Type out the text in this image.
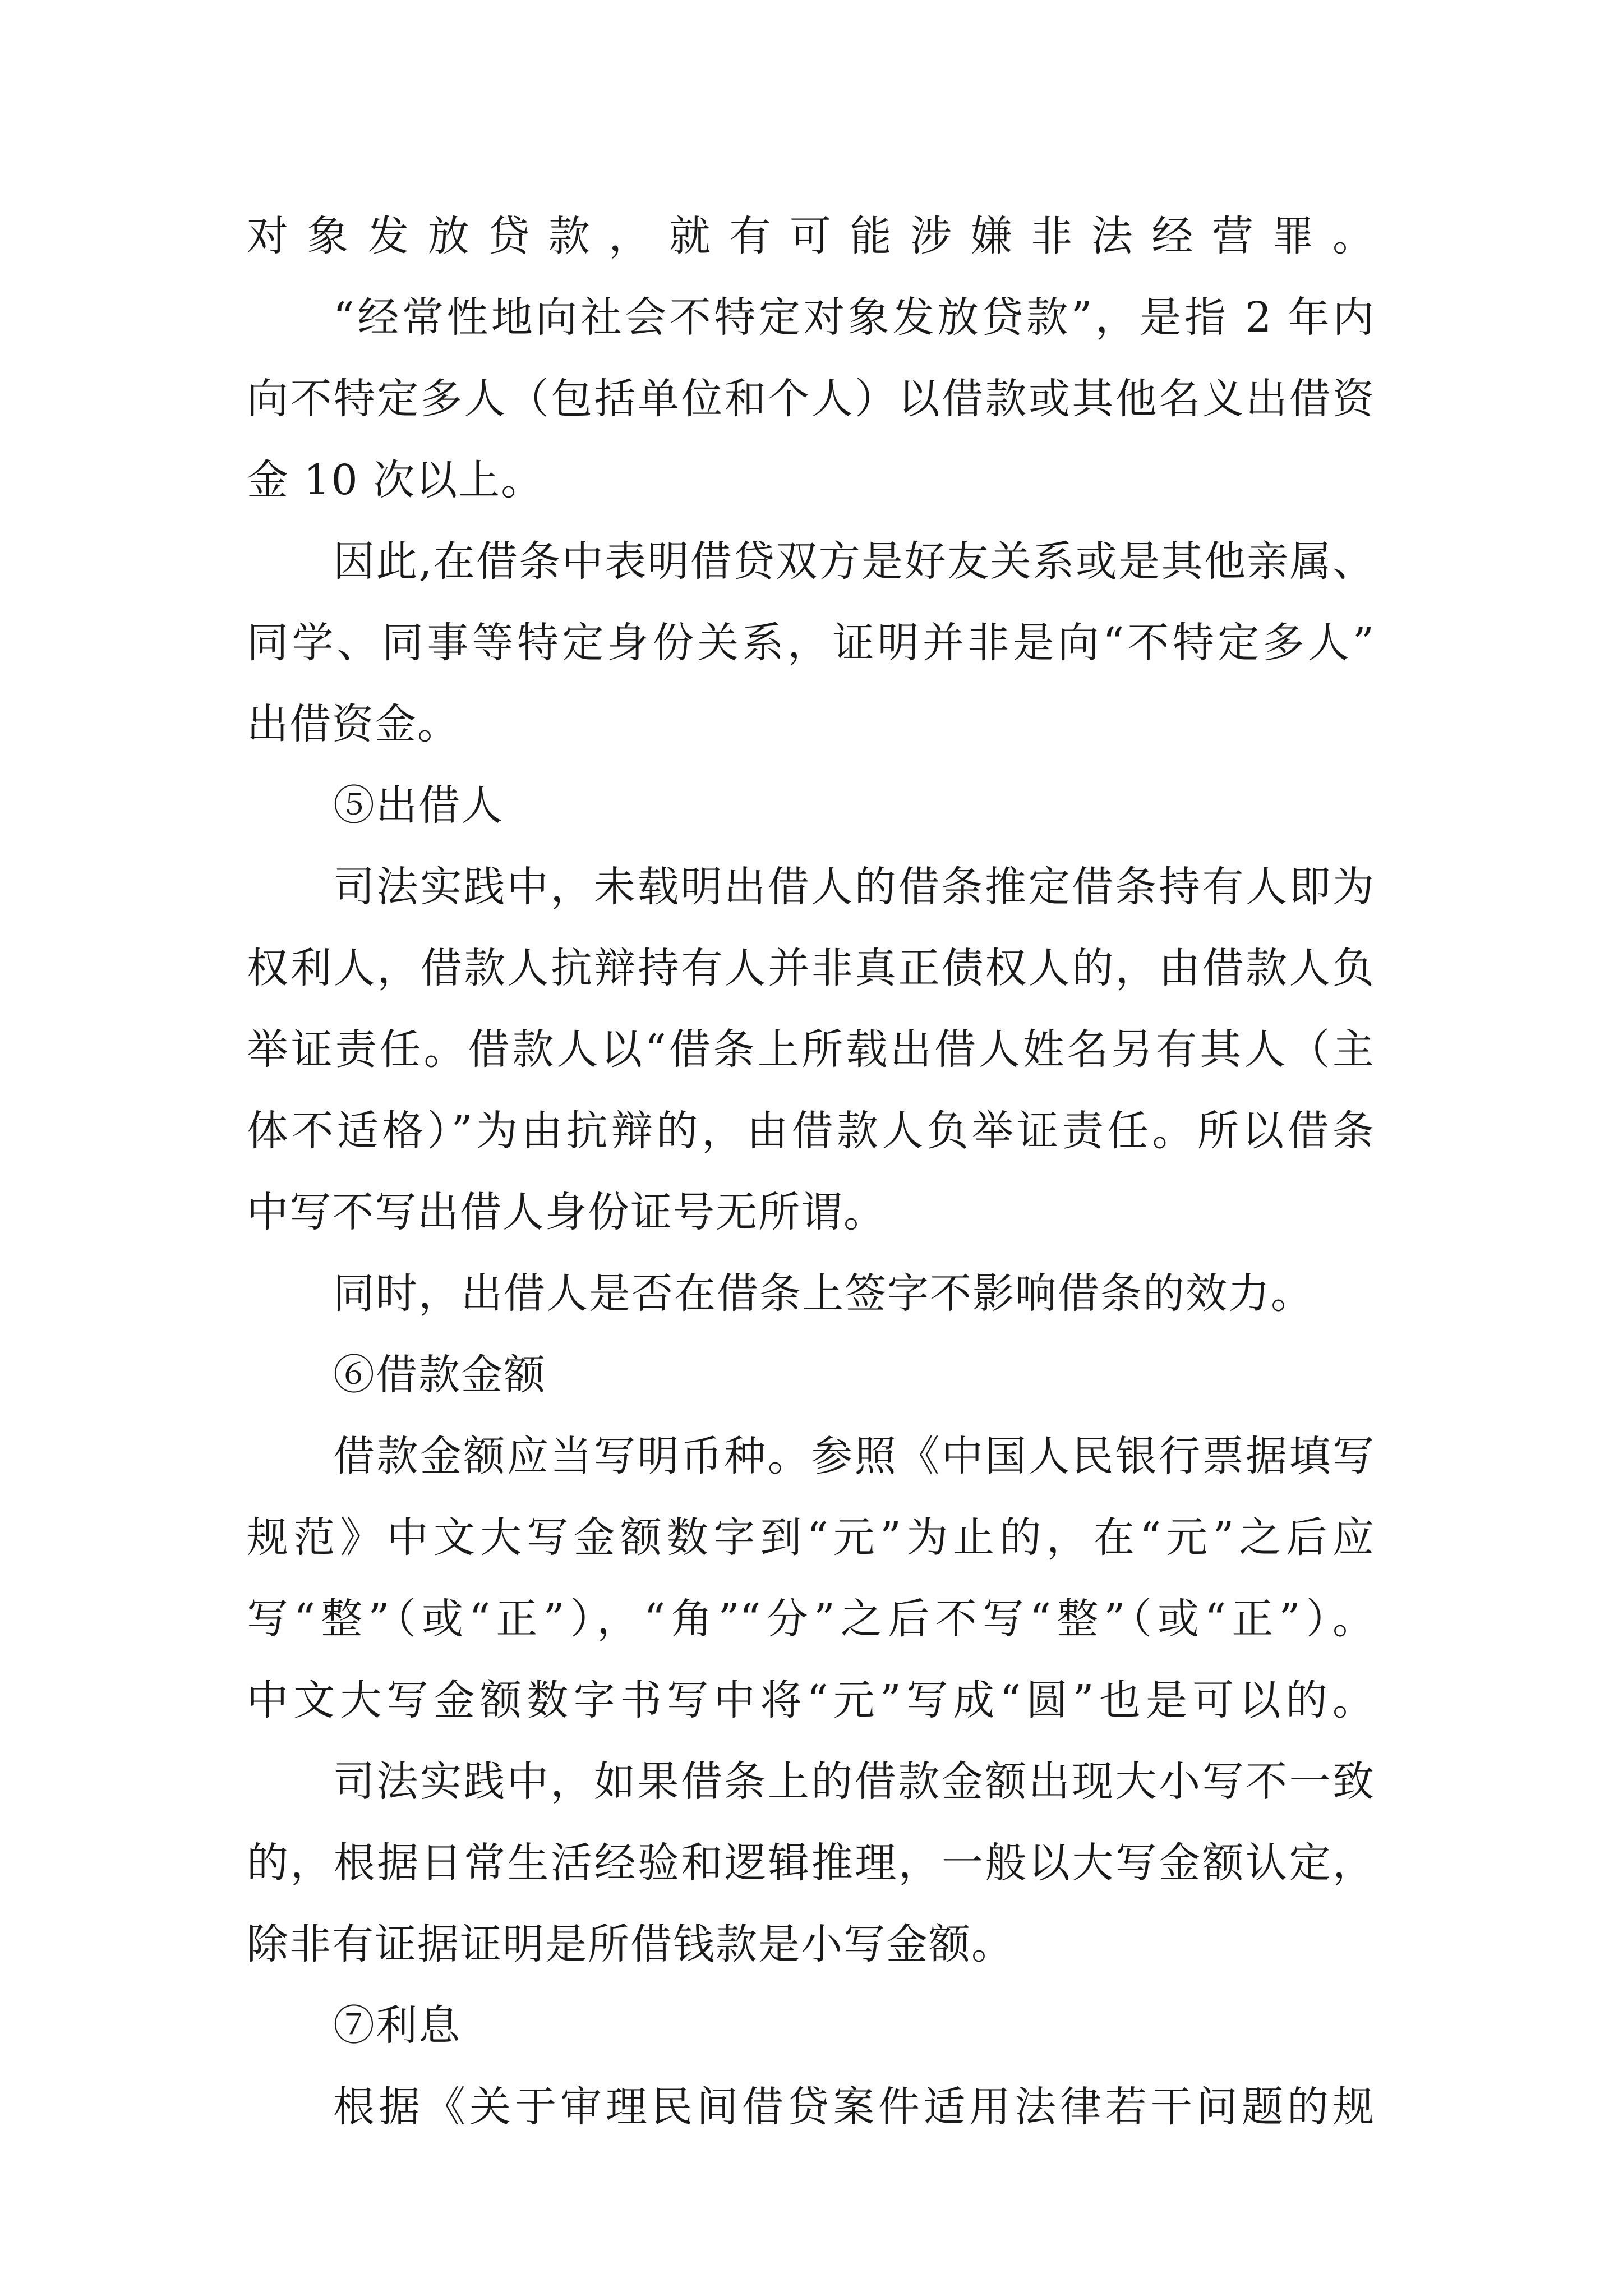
对象发放贷款，就有可能涉嫌非法经营罪。

“经常性地向社会不特定对象发放贷款”，是指 2 年内

向不特定多人（包括单位和个人）以借款或其他名义出借资

金 10 次以上。

因此,在借条中表明借贷双方是好友关系或是其他亲属、

同学、同事等特定身份关系，证明并非是向“不特定多人”

出借资金。

⑤出借人

司法实践中，未载明出借人的借条推定借条持有人即为

权利人，借款人抗辩持有人并非真正债权人的，由借款人负

举证责任。借款人以“借条上所载出借人姓名另有其人（主

体不适格）”为由抗辩的，由借款人负举证责任。所以借条

中写不写出借人身份证号无所谓。

同时，出借人是否在借条上签字不影响借条的效力。

⑥借款金额

借款金额应当写明币种。参照《中国人民银行票据填写

规范》中文大写金额数字到“元”为止的，在“元”之后应

写“整”（或“正”），“角”“分”之后不写“整”（或“正”）。

中文大写金额数字书写中将“元”写成“圆”也是可以的。

司法实践中，如果借条上的借款金额出现大小写不一致

的，根据日常生活经验和逻辑推理，一般以大写金额认定，

除非有证据证明是所借钱款是小写金额。

⑦利息

根据《关于审理民间借贷案件适用法律若干问题的规
